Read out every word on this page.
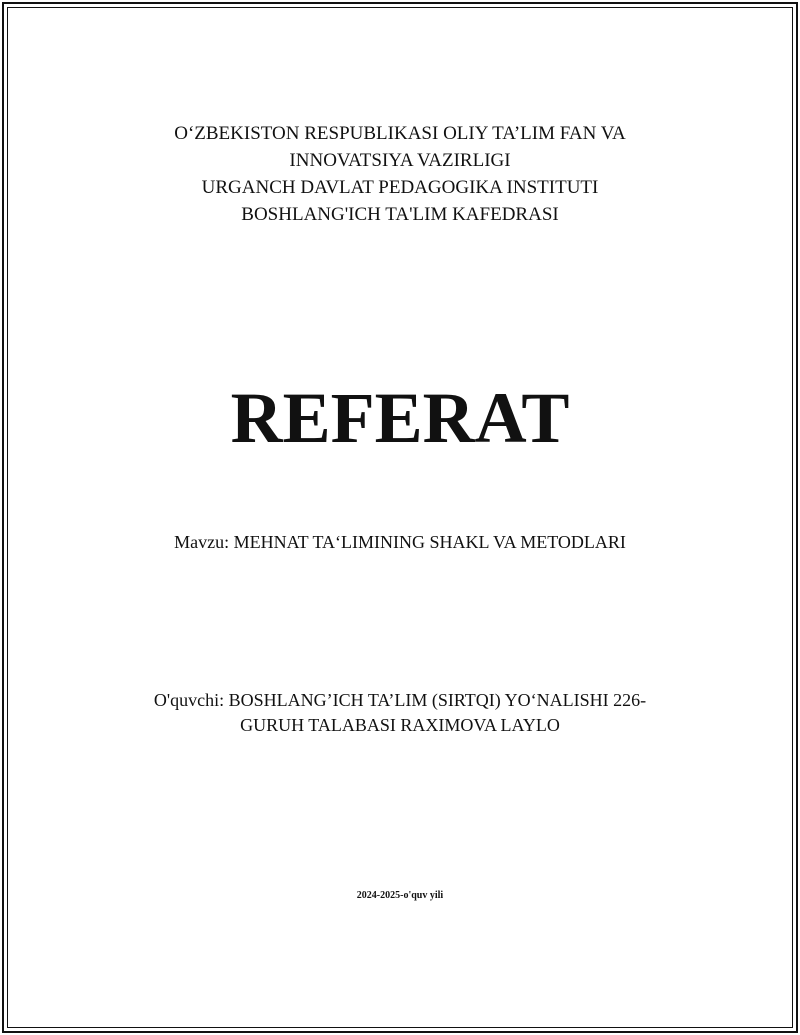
O‘ZBEKISTON RESPUBLIKASI OLIY TA’LIM FAN VA
INNOVATSIYA VAZIRLIGI
URGANCH DAVLAT PEDAGOGIKA INSTITUTI
BOSHLANG'ICH TA'LIM KAFEDRASI
REFERAT
Mavzu: MEHNAT TA‘LIMINING SHAKL VA METODLARI
O'quvchi: BOSHLANG’ICH TA’LIM (SIRTQI) YO‘NALISHI 226-
GURUH TALABASI RAXIMOVA LAYLO
2024-2025-o'quv yili
